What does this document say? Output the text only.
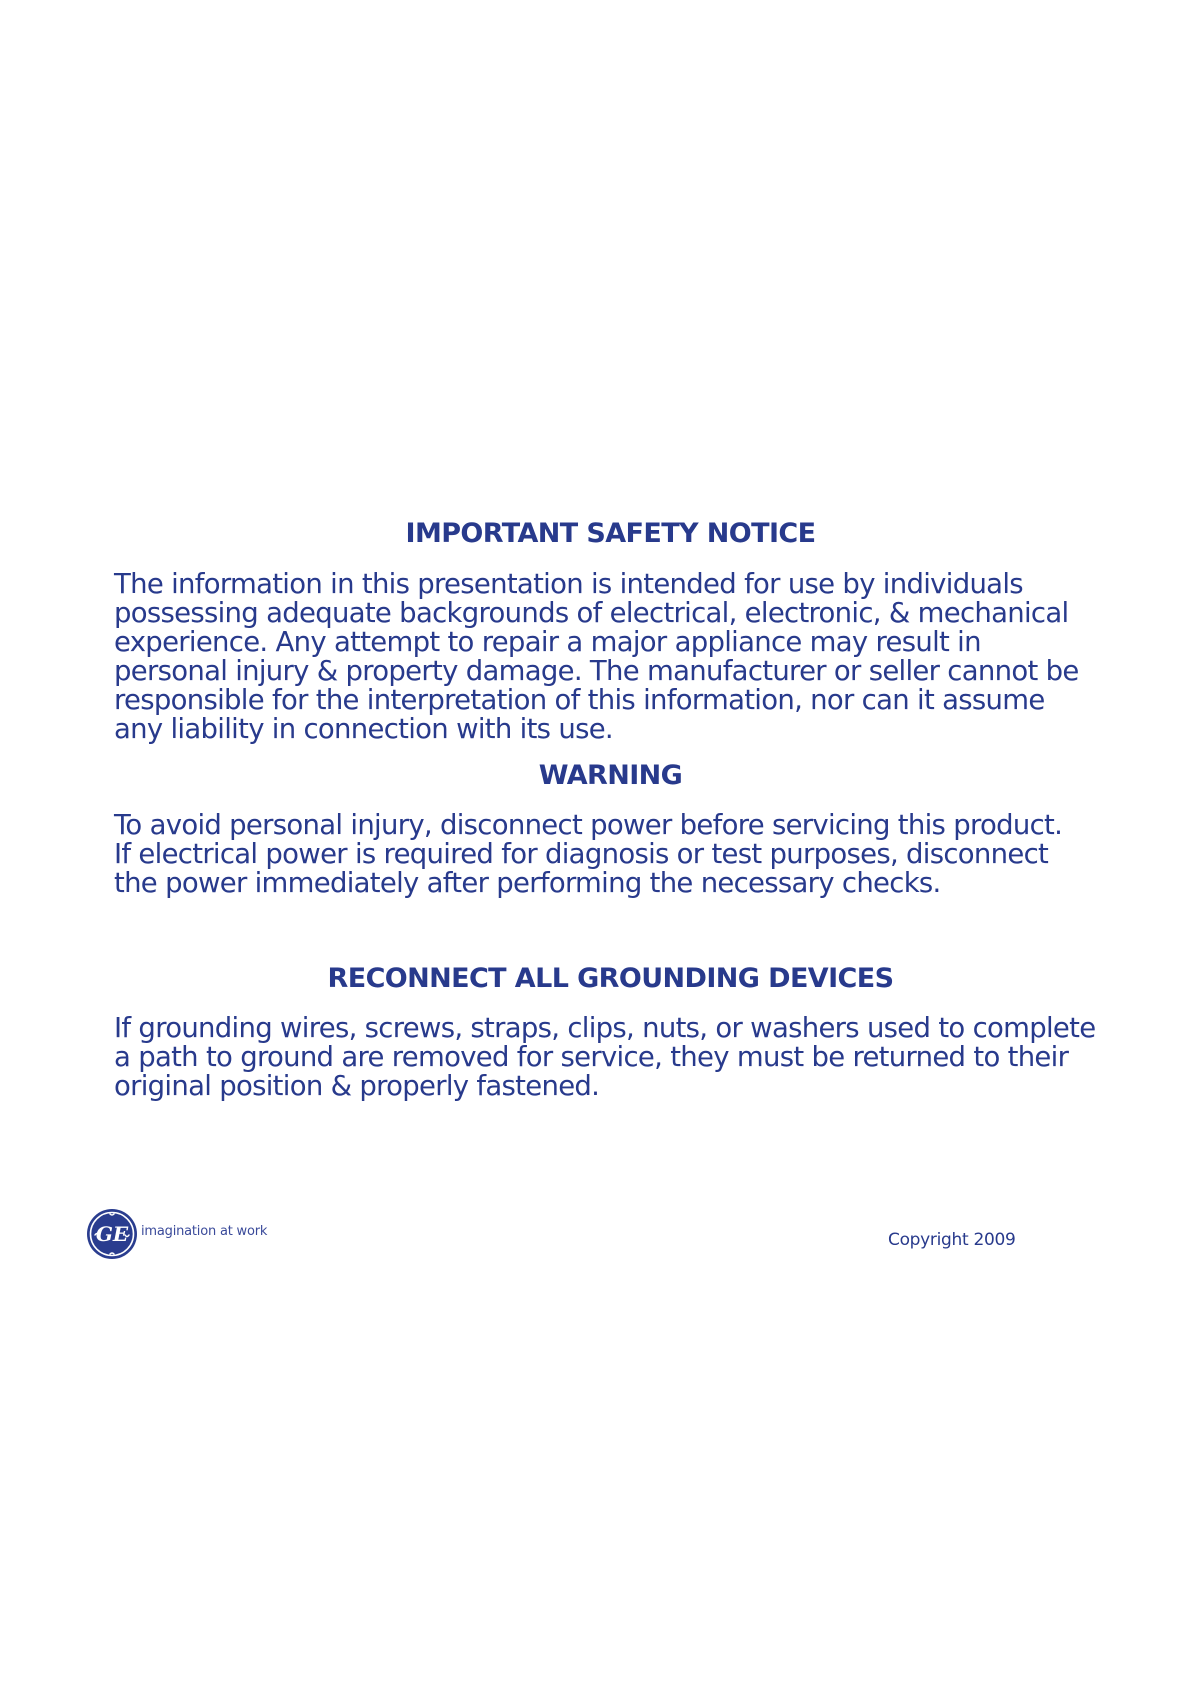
IMPORTANT SAFETY NOTICE
The information in this presentation is intended for use by individuals
possessing adequate backgrounds of electrical, electronic, & mechanical
experience. Any attempt to repair a major appliance may result in
personal injury & property damage. The manufacturer or seller cannot be
responsible for the interpretation of this information, nor can it assume
any liability in connection with its use.
WARNING
To avoid personal injury, disconnect power before servicing this product.
If electrical power is required for diagnosis or test purposes, disconnect
the power immediately after performing the necessary checks.
RECONNECT ALL GROUNDING DEVICES
If grounding wires, screws, straps, clips, nuts, or washers used to complete
a path to ground are removed for service, they must be returned to their
original position & properly fastened.
GE imagination at work	Copyright 2009
